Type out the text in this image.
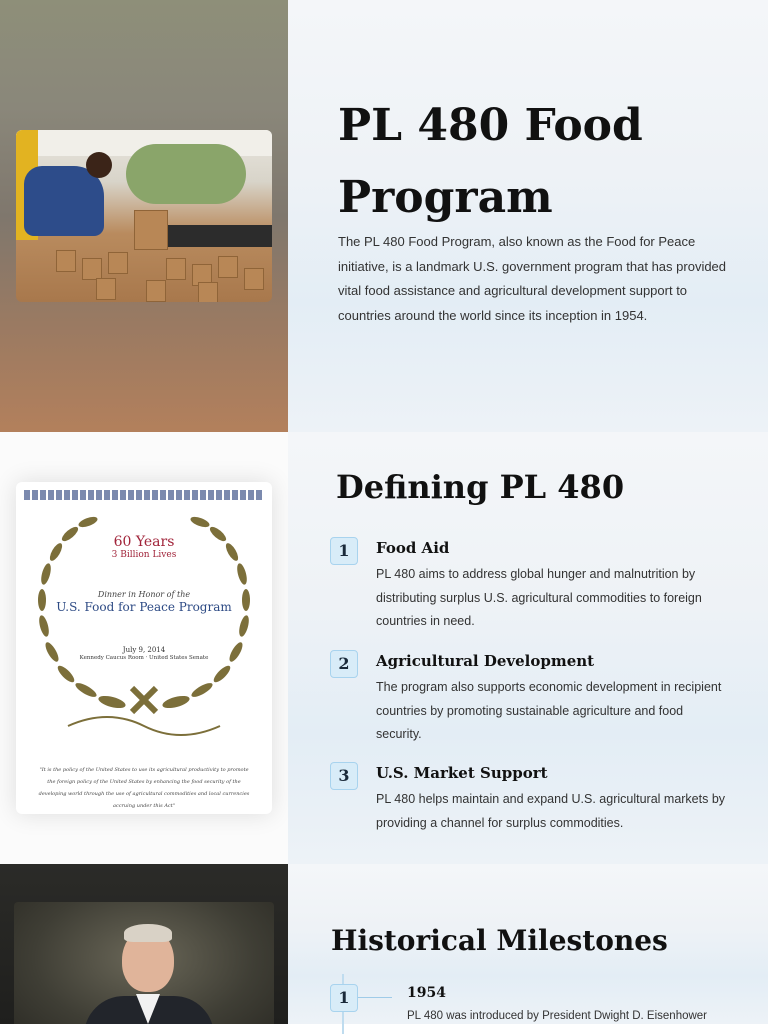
PL 480 Food Program

The PL 480 Food Program, also known as the Food for Peace initiative, is a landmark U.S. government program that has provided vital food assistance and agricultural development support to countries around the world since its inception in 1954.

60 Years
3 Billion Lives
Dinner in Honor of the
U.S. Food for Peace Program
July 9, 2014
Kennedy Caucus Room · United States Senate
"It is the policy of the United States to use its agricultural productivity to promote the foreign policy of the United States by enhancing the food security of the developing world through the use of agricultural commodities and local currencies accruing under this Act"
Defining PL 480
1	Food Aid
PL 480 aims to address global hunger and malnutrition by distributing surplus U.S. agricultural commodities to foreign countries in need.
2	Agricultural Development
The program also supports economic development in recipient countries by promoting sustainable agriculture and food security.
3	U.S. Market Support
PL 480 helps maintain and expand U.S. agricultural markets by providing a channel for surplus commodities.
Historical Milestones
1	1954
PL 480 was introduced by President Dwight D. Eisenhower
